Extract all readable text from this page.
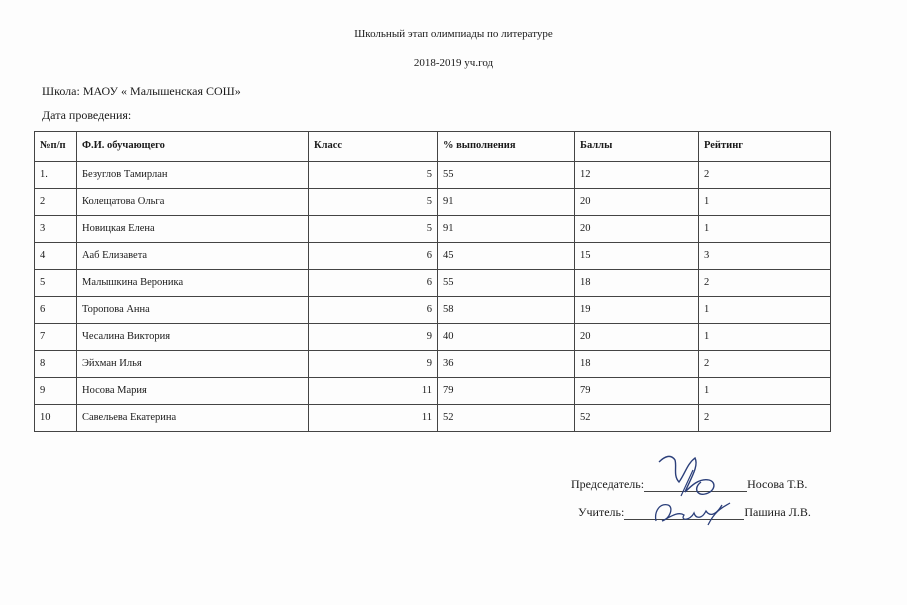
Школьный этап олимпиады по литературе
2018-2019 уч.год
Школа: МАОУ « Малышенская СОШ»
Дата проведения:
№п/п	Ф.И. обучающего	Класс	% выполнения	Баллы	Рейтинг
1.	Безуглов Тамирлан	5	55	12	2
2	Колещатова Ольга	5	91	20	1
3	Новицкая Елена	5	91	20	1
4	Ааб Елизавета	6	45	15	3
5	Малышкина Вероника	6	55	18	2
6	Торопова Анна	6	58	19	1
7	Чесалина Виктория	9	40	20	1
8	Эйхман Илья	9	36	18	2
9	Носова Мария	11	79	79	1
10	Савельева Екатерина	11	52	52	2
Председатель:	Носова Т.В.
Учитель:	Пашина Л.В.
